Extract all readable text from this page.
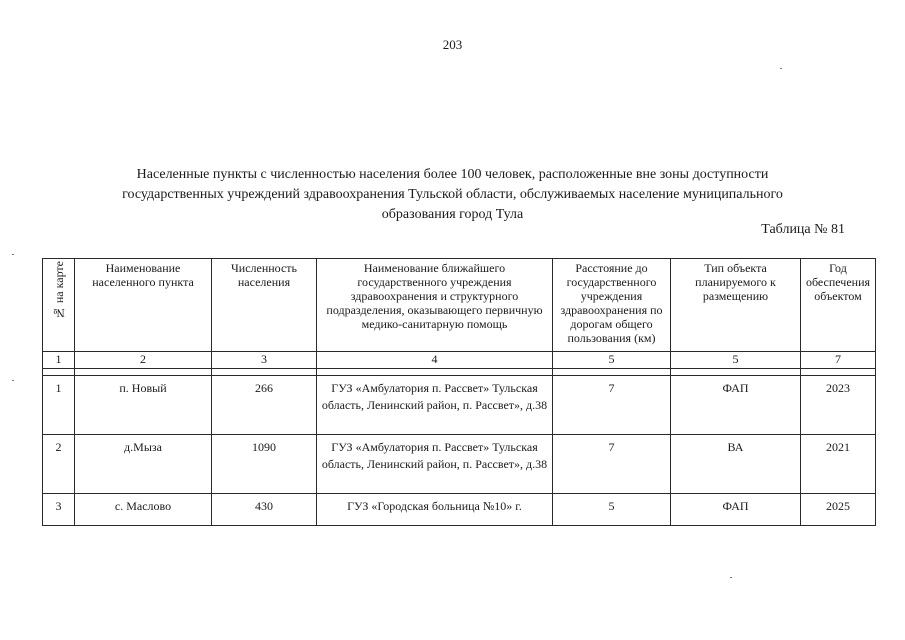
203
Населенные пункты с численностью населения более 100 человек, расположенные вне зоны доступности
государственных учреждений здравоохранения Тульской области, обслуживаемых население муниципального
образования город Тула
Таблица № 81
№ на карте	Наименование населенного пункта	Численность населения	Наименование ближайшего государственного учреждения здравоохранения и структурного подразделения, оказывающего первичную медико-санитарную помощь	Расстояние до государственного учреждения здравоохранения по дорогам общего пользования (км)	Тип объекта планируемого к размещению	Год обеспечения объектом
1	2	3	4	5	5	7

1	п. Новый	266	ГУЗ «Амбулатория п. Рассвет» Тульская область, Ленинский район, п. Рассвет», д.38	7	ФАП	2023
2	д.Мыза	1090	ГУЗ «Амбулатория п. Рассвет» Тульская область, Ленинский район, п. Рассвет», д.38	7	ВА	2021
3	с. Маслово	430	ГУЗ «Городская больница №10» г.	5	ФАП	2025
